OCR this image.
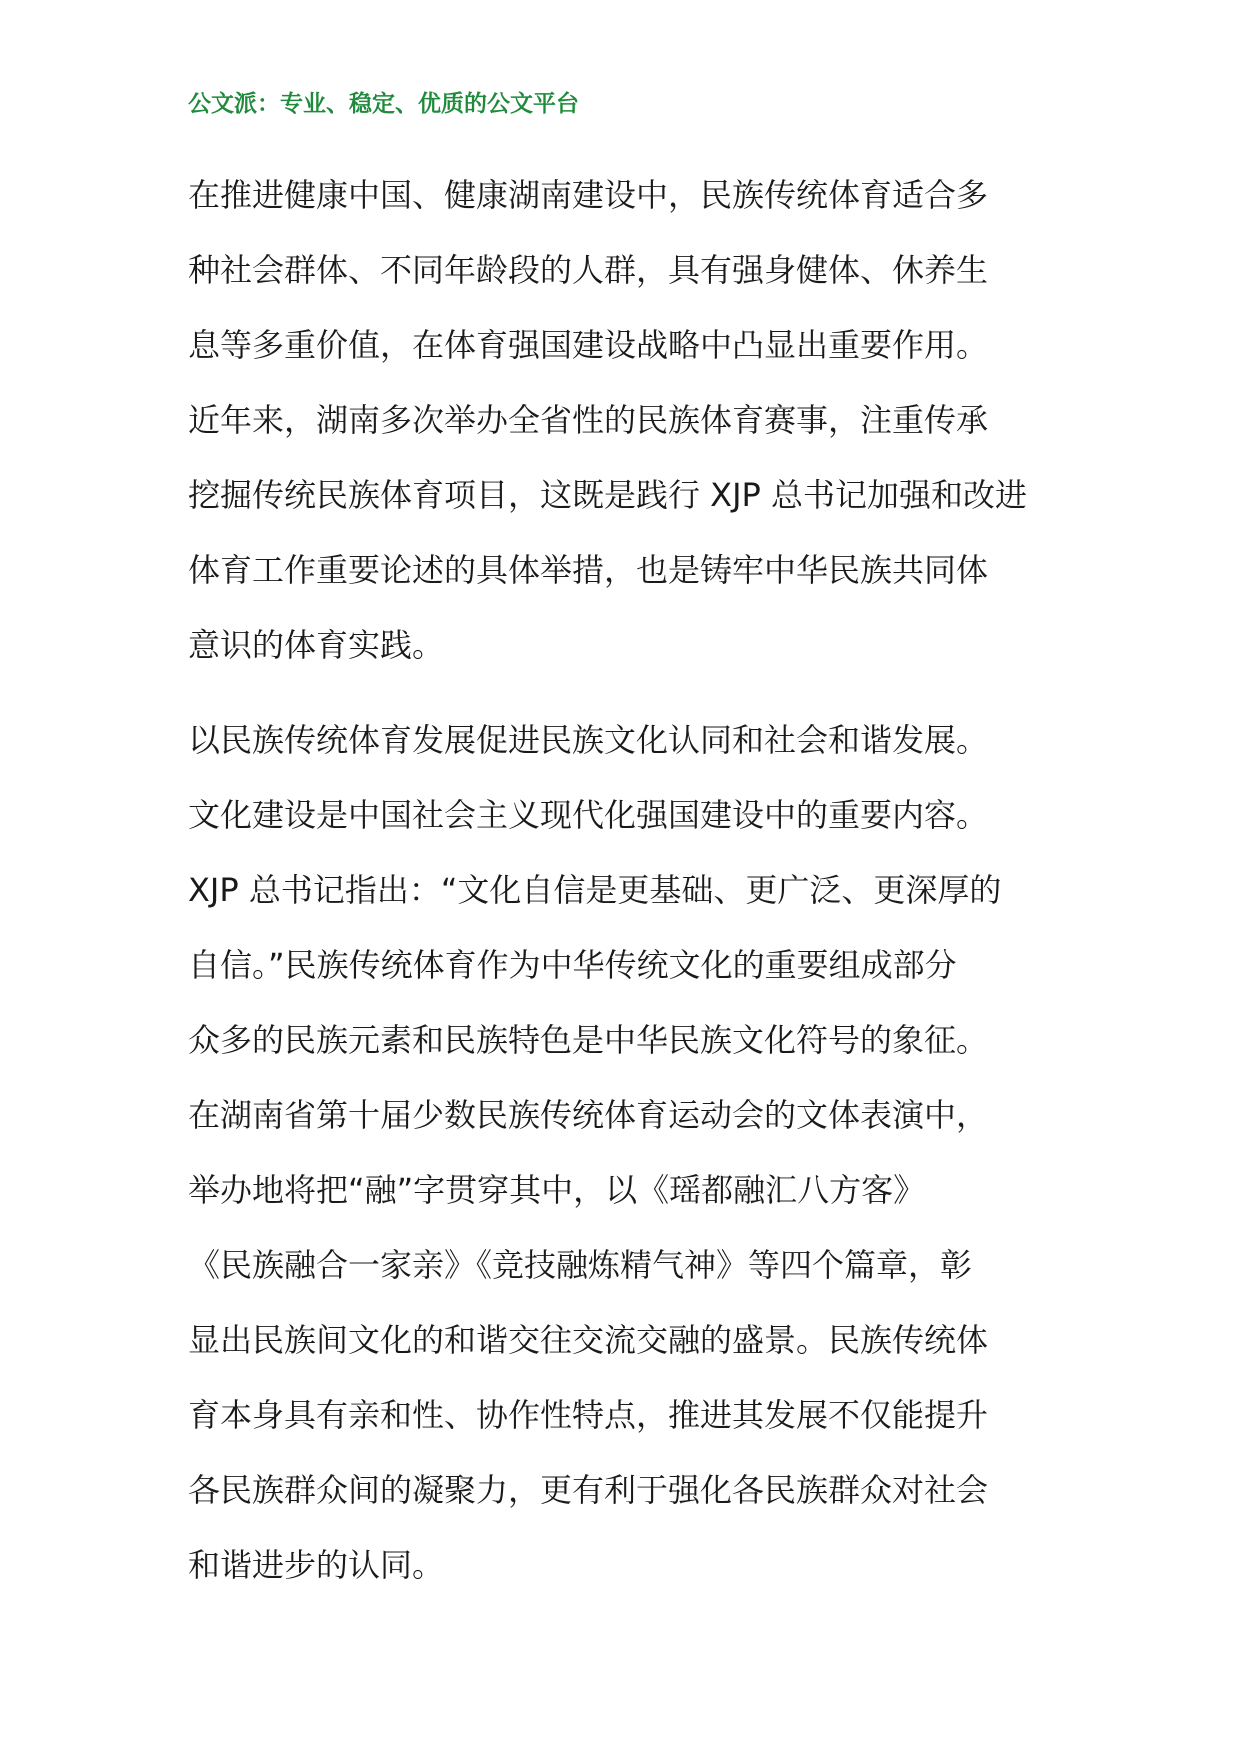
公文派：专业、稳定、优质的公文平台
在推进健康中国、健康湖南建设中，民族传统体育适合多
种社会群体、不同年龄段的人群，具有强身健体、休养生
息等多重价值，在体育强国建设战略中凸显出重要作用。
近年来，湖南多次举办全省性的民族体育赛事，注重传承
挖掘传统民族体育项目，这既是践行 XJP 总书记加强和改进
体育工作重要论述的具体举措，也是铸牢中华民族共同体
意识的体育实践。
以民族传统体育发展促进民族文化认同和社会和谐发展。
文化建设是中国社会主义现代化强国建设中的重要内容。
XJP 总书记指出：“文化自信是更基础、更广泛、更深厚的
自信。”民族传统体育作为中华传统文化的重要组成部分
众多的民族元素和民族特色是中华民族文化符号的象征。
在湖南省第十届少数民族传统体育运动会的文体表演中，
举办地将把“融”字贯穿其中，以《瑶都融汇八方客》
《民族融合一家亲》《竞技融炼精气神》等四个篇章，彰
显出民族间文化的和谐交往交流交融的盛景。民族传统体
育本身具有亲和性、协作性特点，推进其发展不仅能提升
各民族群众间的凝聚力，更有利于强化各民族群众对社会
和谐进步的认同。
